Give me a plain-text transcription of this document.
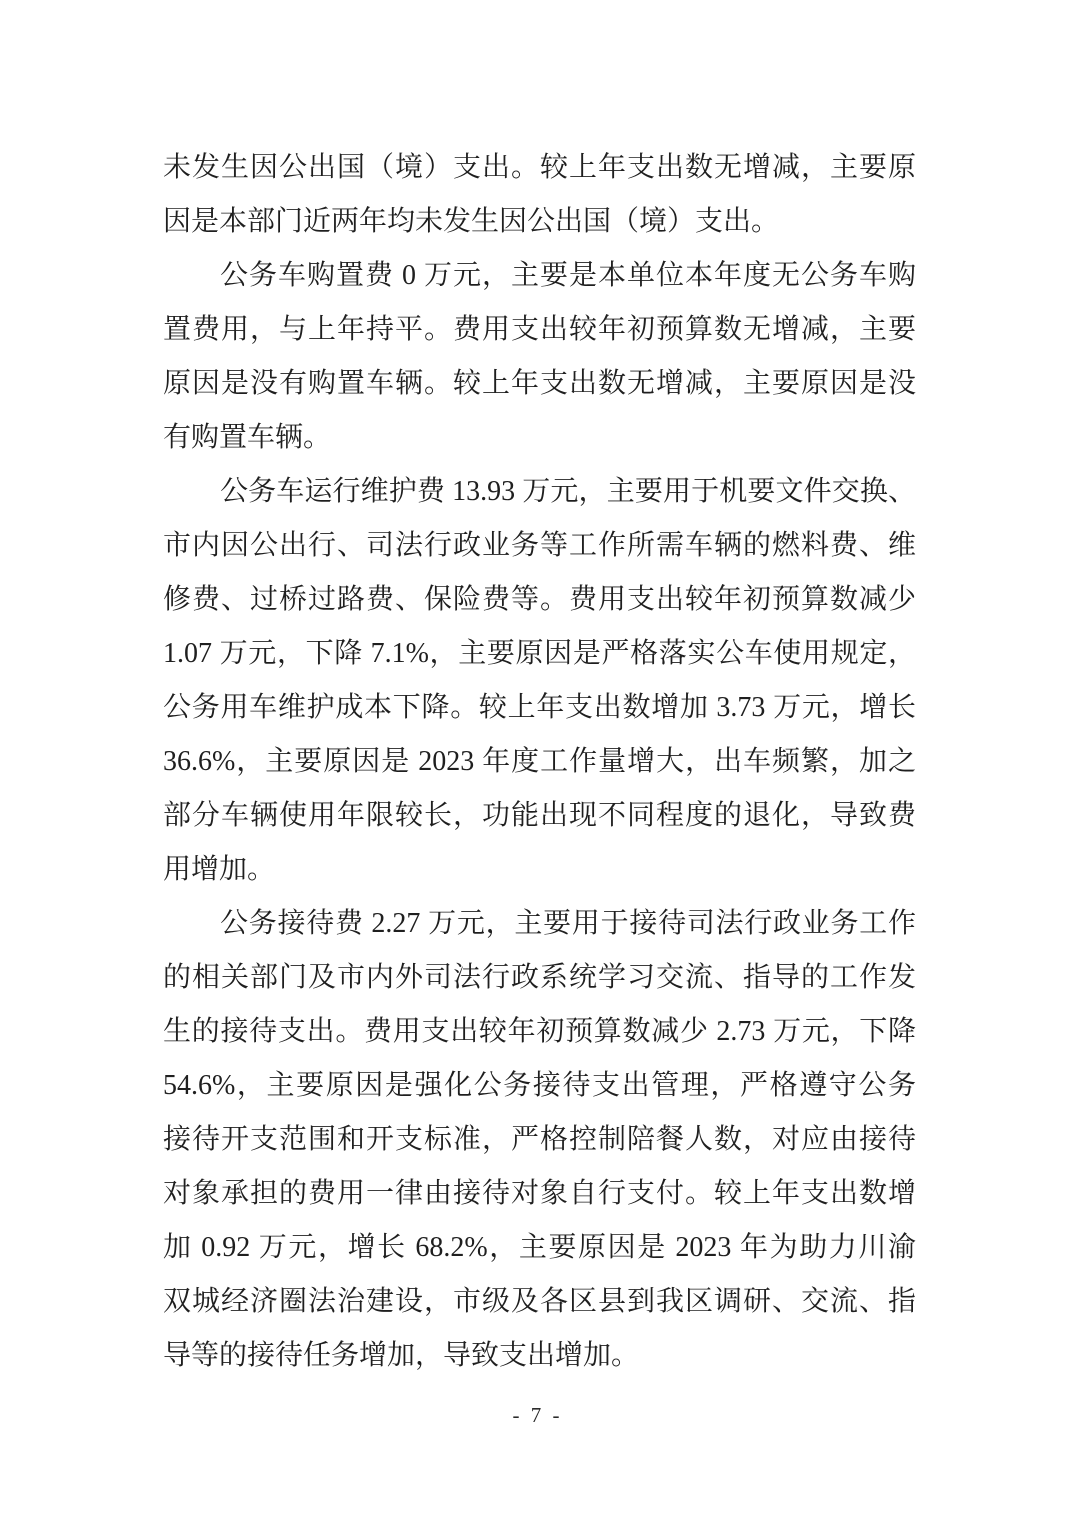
未发生因公出国（境）支出。较上年支出数无增减，主要原
因是本部门近两年均未发生因公出国（境）支出。
公务车购置费 0 万元，主要是本单位本年度无公务车购
置费用，与上年持平。费用支出较年初预算数无增减，主要
原因是没有购置车辆。较上年支出数无增减，主要原因是没
有购置车辆。
公务车运行维护费 13.93 万元，主要用于机要文件交换、
市内因公出行、司法行政业务等工作所需车辆的燃料费、维
修费、过桥过路费、保险费等。费用支出较年初预算数减少
1.07 万元，下降 7.1%，主要原因是严格落实公车使用规定，
公务用车维护成本下降。较上年支出数增加 3.73 万元，增长
36.6%，主要原因是 2023 年度工作量增大，出车频繁，加之
部分车辆使用年限较长，功能出现不同程度的退化，导致费
用增加。
公务接待费 2.27 万元，主要用于接待司法行政业务工作
的相关部门及市内外司法行政系统学习交流、指导的工作发
生的接待支出。费用支出较年初预算数减少 2.73 万元，下降
54.6%，主要原因是强化公务接待支出管理，严格遵守公务
接待开支范围和开支标准，严格控制陪餐人数，对应由接待
对象承担的费用一律由接待对象自行支付。较上年支出数增
加 0.92 万元，增长 68.2%，主要原因是 2023 年为助力川渝
双城经济圈法治建设，市级及各区县到我区调研、交流、指
导等的接待任务增加，导致支出增加。
- 7 -
